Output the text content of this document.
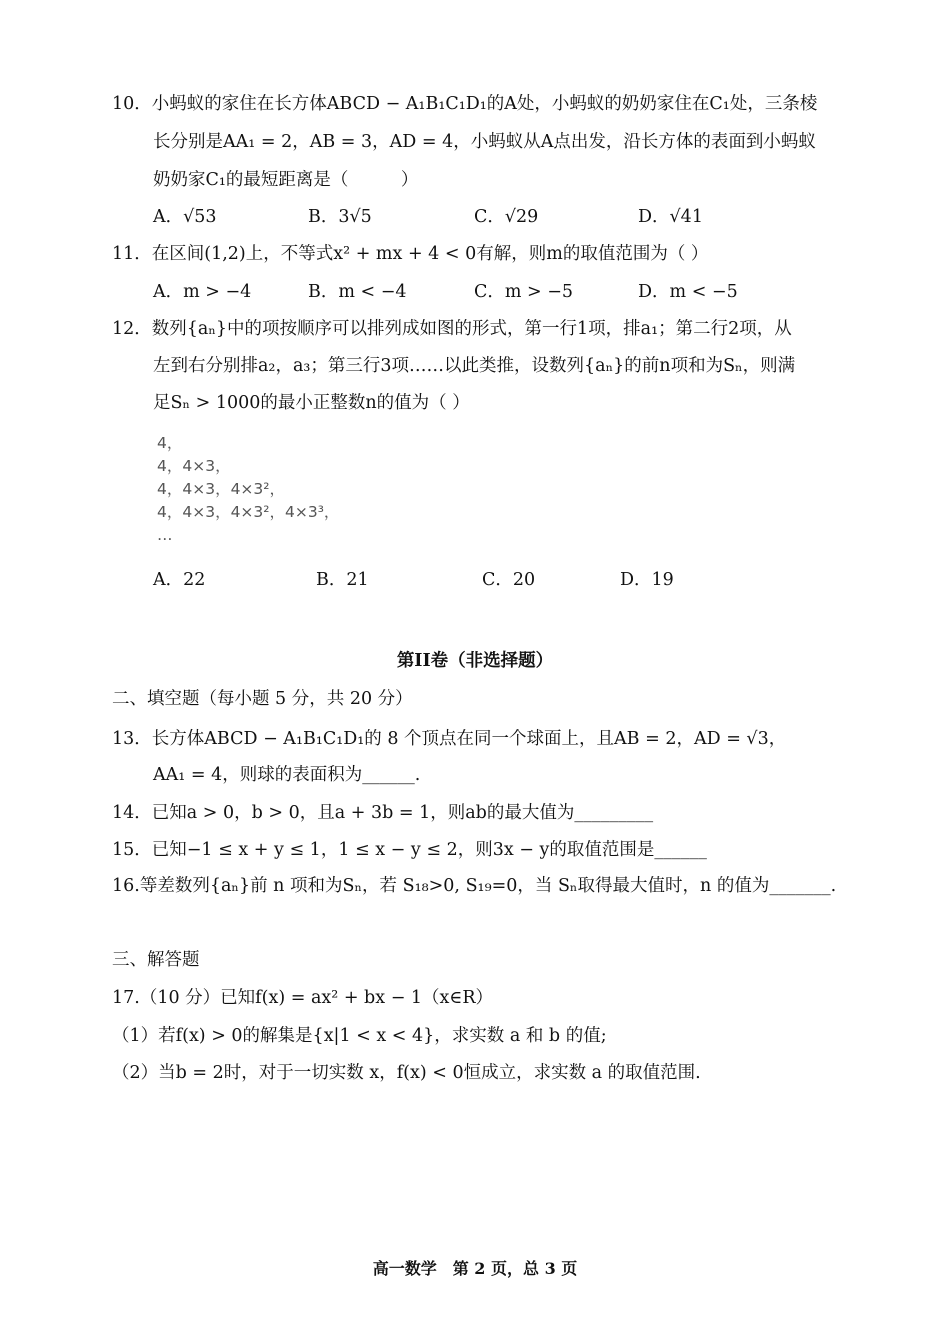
10．小蚂蚁的家住在长方体ABCD − A₁B₁C₁D₁的A处，小蚂蚁的奶奶家住在C₁处，三条棱
长分别是AA₁ = 2，AB = 3，AD = 4，小蚂蚁从A点出发，沿长方体的表面到小蚂蚁
奶奶家C₁的最短距离是（　　　）
A．√53	B．3√5	C．√29	D．√41
11．在区间(1,2)上，不等式x² + mx + 4 < 0有解，则m的取值范围为（ ）
A．m > −4	B．m < −4	C．m > −5	D．m < −5
12．数列{aₙ}中的项按顺序可以排列成如图的形式，第一行1项，排a₁；第二行2项，从
左到右分别排a₂，a₃；第三行3项……以此类推，设数列{aₙ}的前n项和为Sₙ，则满
足Sₙ > 1000的最小正整数n的值为（ ）
4，
4，4×3，
4，4×3，4×3²，
4，4×3，4×3²，4×3³，
…
A．22	B．21	C．20	D．19
第II卷（非选择题）
二、填空题（每小题 5 分，共 20 分）
13．长方体ABCD − A₁B₁C₁D₁的 8 个顶点在同一个球面上，且AB = 2，AD = √3，
AA₁ = 4，则球的表面积为______.
14．已知a > 0，b > 0，且a + 3b = 1，则ab的最大值为_________
15．已知−1 ≤ x + y ≤ 1，1 ≤ x − y ≤ 2，则3x − y的取值范围是______
16.等差数列{aₙ}前 n 项和为Sₙ，若 S₁₈>0, S₁₉=0，当 Sₙ取得最大值时，n 的值为_______.
三、解答题
17.（10 分）已知f(x) = ax² + bx − 1（x∈R）
（1）若f(x) > 0的解集是{x|1 < x < 4}，求实数 a 和 b 的值;
（2）当b = 2时，对于一切实数 x，f(x) < 0恒成立，求实数 a 的取值范围.
高一数学　第 2 页，总 3 页
